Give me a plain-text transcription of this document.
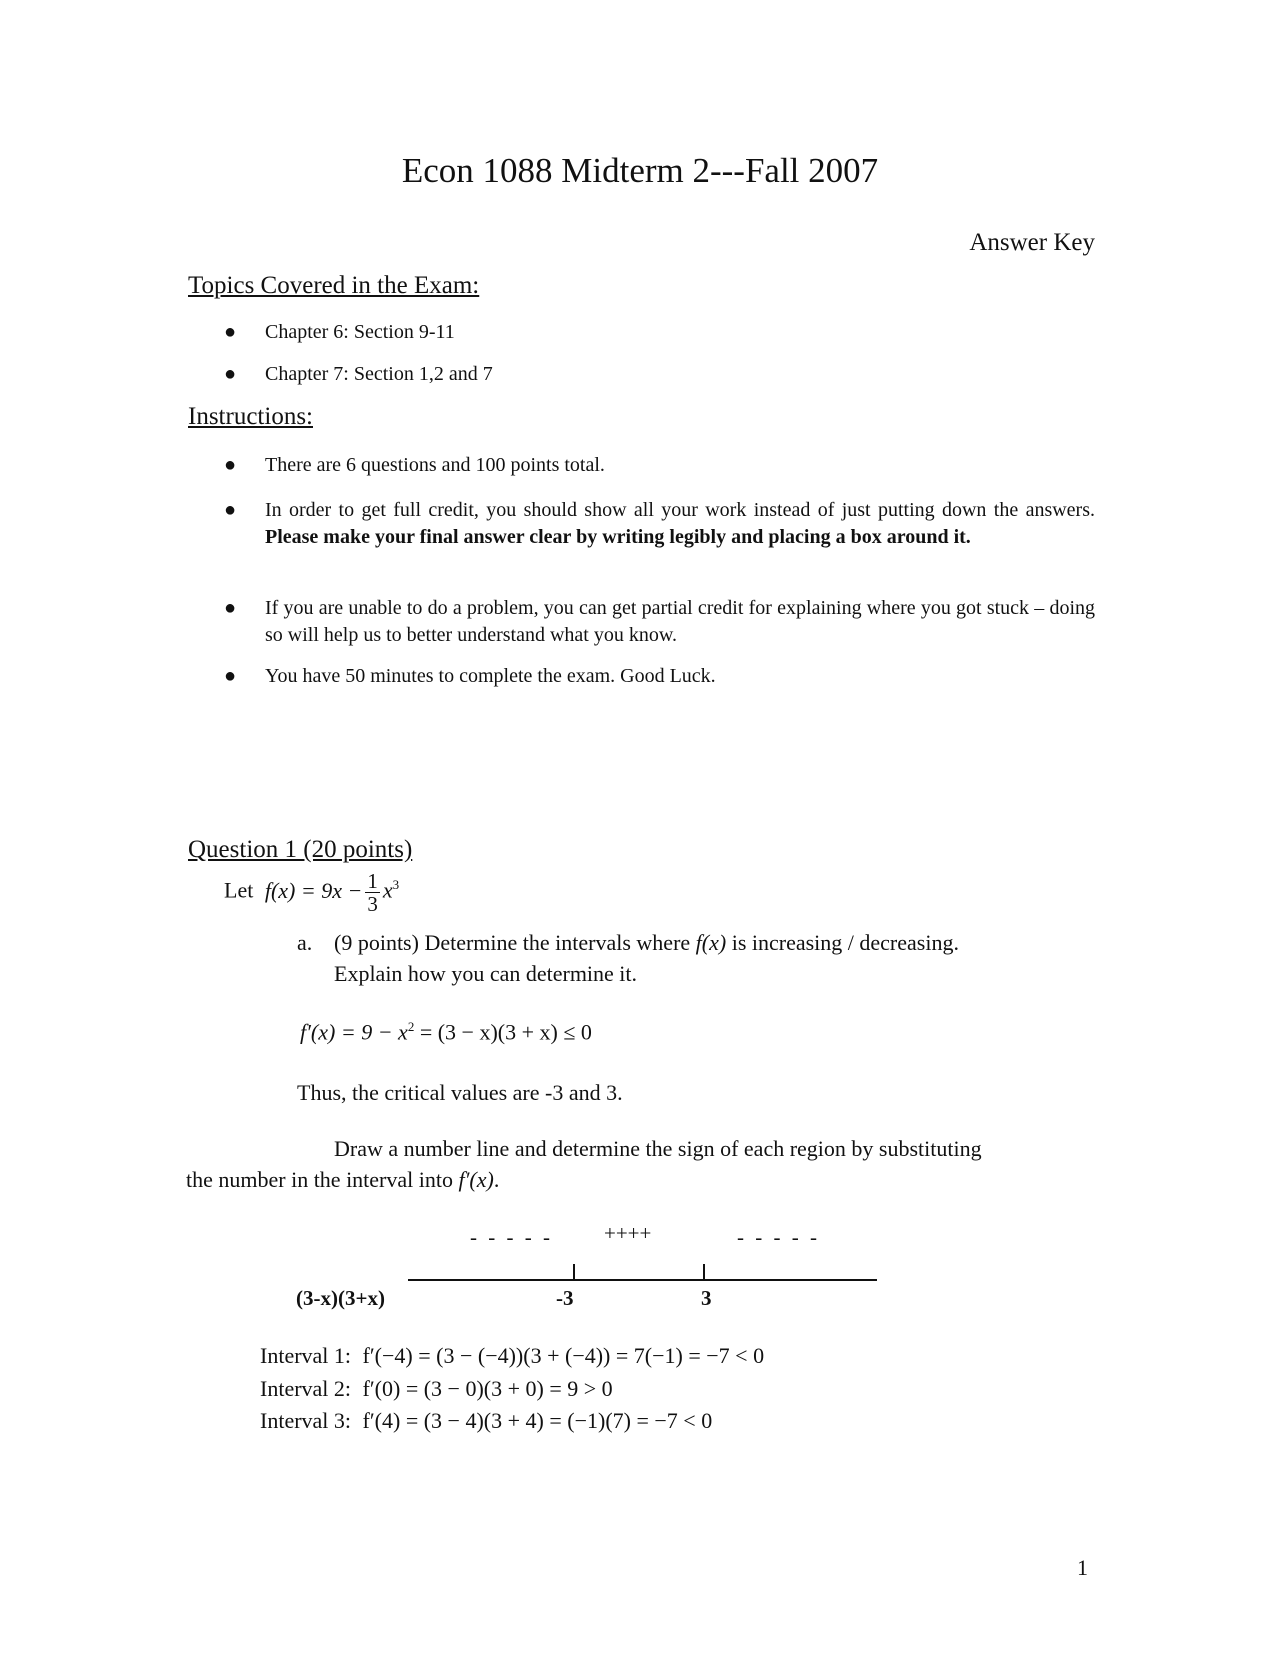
Econ 1088 Midterm 2---Fall 2007
Answer Key
Topics Covered in the Exam:
● Chapter 6: Section 9-11
● Chapter 7: Section 1,2 and 7
Instructions:
● There are 6 questions and 100 points total.
● In order to get full credit, you should show all your work instead of just putting down the answers. Please make your final answer clear by writing legibly and placing a box around it.
● If you are unable to do a problem, you can get partial credit for explaining where you got stuck – doing so will help us to better understand what you know.
● You have 50 minutes to complete the exam. Good Luck.
Question 1 (20 points)
Let $f(x) = 9x - \frac{1}{3} x^3$
a. (9 points) Determine the intervals where f(x) is increasing / decreasing.
Explain how you can determine it.
$f'(x) = 9 - x^2 = (3 - x)(3 + x) \le 0$
Thus, the critical values are -3 and 3.
Draw a number line and determine the sign of each region by substituting
the number in the interval into f′(x).
- - - - - ++++	- - - - -
(3-x)(3+x)	-3	3
Interval 1: f′(−4) = (3 − (−4))(3 + (−4)) = 7(−1) = −7 < 0
Interval 2: f′(0) = (3 − 0)(3 + 0) = 9 > 0
Interval 3: f′(4) = (3 − 4)(3 + 4) = (−1)(7) = −7 < 0
1
